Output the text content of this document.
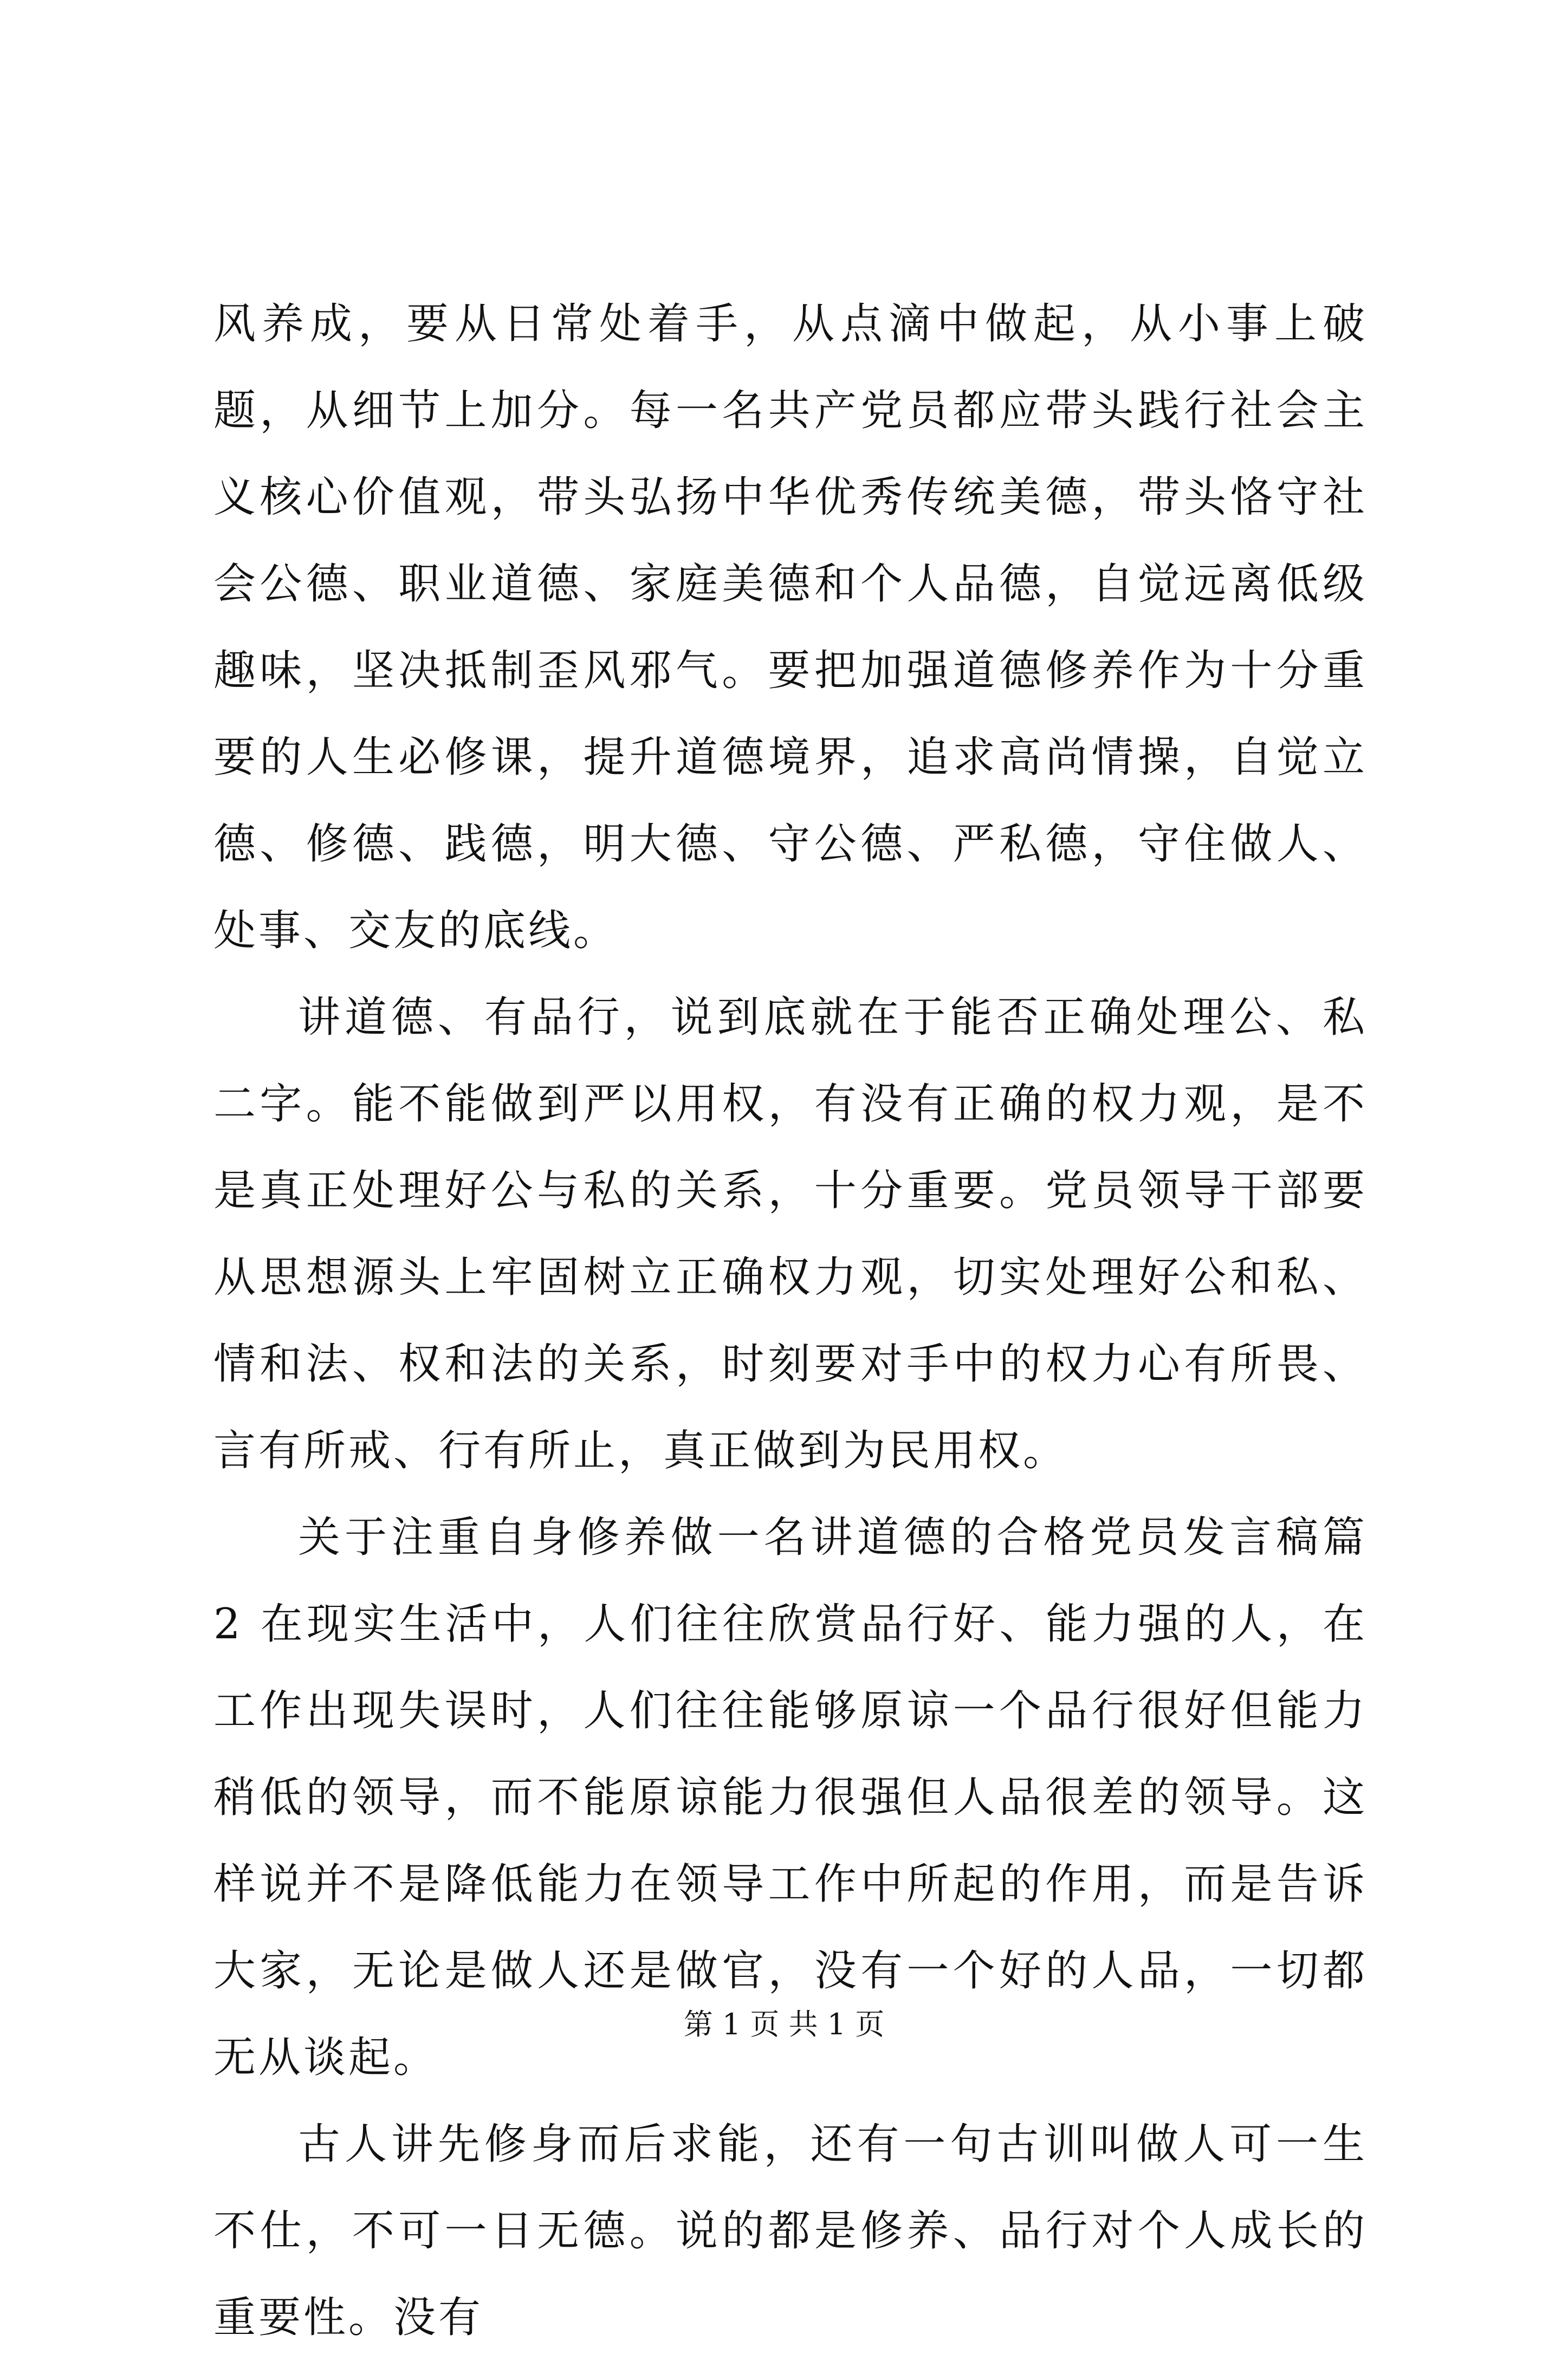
风养成，要从日常处着手，从点滴中做起，从小事上破题，从细节上加分。每一名共产党员都应带头践行社会主义核心价值观，带头弘扬中华优秀传统美德，带头恪守社会公德、职业道德、家庭美德和个人品德，自觉远离低级趣味，坚决抵制歪风邪气。要把加强道德修养作为十分重要的人生必修课，提升道德境界，追求高尚情操，自觉立德、修德、践德，明大德、守公德、严私德，守住做人、处事、交友的底线。

讲道德、有品行，说到底就在于能否正确处理公、私二字。能不能做到严以用权，有没有正确的权力观，是不是真正处理好公与私的关系，十分重要。党员领导干部要从思想源头上牢固树立正确权力观，切实处理好公和私、情和法、权和法的关系，时刻要对手中的权力心有所畏、言有所戒、行有所止，真正做到为民用权。

关于注重自身修养做一名讲道德的合格党员发言稿篇 2 在现实生活中，人们往往欣赏品行好、能力强的人，在工作出现失误时，人们往往能够原谅一个品行很好但能力稍低的领导，而不能原谅能力很强但人品很差的领导。这样说并不是降低能力在领导工作中所起的作用，而是告诉大家，无论是做人还是做官，没有一个好的人品，一切都无从谈起。

古人讲先修身而后求能，还有一句古训叫做人可一生不仕，不可一日无德。说的都是修养、品行对个人成长的重要性。没有

第 1 页 共 1 页
